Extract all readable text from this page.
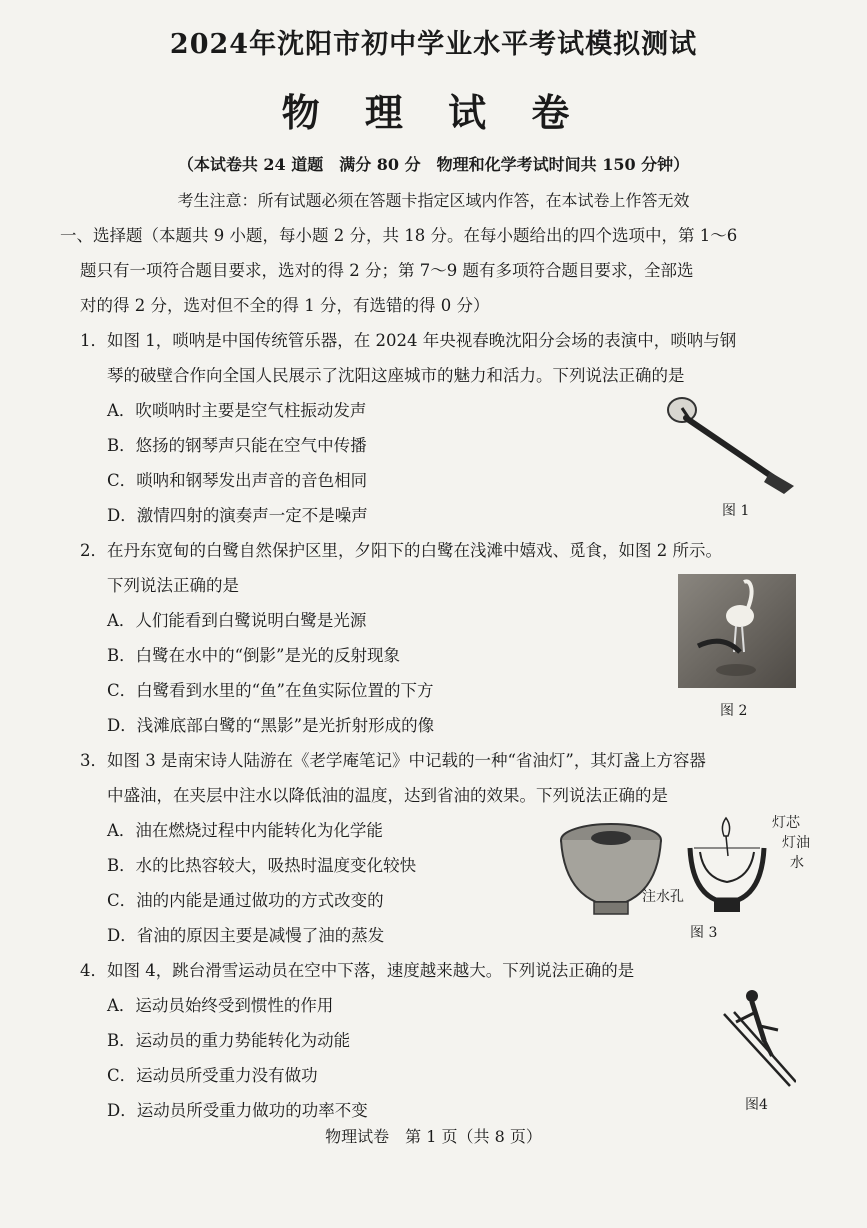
2024年沈阳市初中学业水平考试模拟测试
物 理 试 卷
（本试卷共 24 道题　满分 80 分　物理和化学考试时间共 150 分钟）
考生注意：所有试题必须在答题卡指定区域内作答，在本试卷上作答无效
一、选择题（本题共 9 小题，每小题 2 分，共 18 分。在每小题给出的四个选项中，第 1～6
题只有一项符合题目要求，选对的得 2 分；第 7～9 题有多项符合题目要求，全部选
对的得 2 分，选对但不全的得 1 分，有选错的得 0 分）
1．如图 1，唢呐是中国传统管乐器，在 2024 年央视春晚沈阳分会场的表演中，唢呐与钢
琴的破壁合作向全国人民展示了沈阳这座城市的魅力和活力。下列说法正确的是
A．吹唢呐时主要是空气柱振动发声
B．悠扬的钢琴声只能在空气中传播
C．唢呐和钢琴发出声音的音色相同
D．激情四射的演奏声一定不是噪声	图 1
2．在丹东宽甸的白鹭自然保护区里，夕阳下的白鹭在浅滩中嬉戏、觅食，如图 2 所示。
下列说法正确的是
A．人们能看到白鹭说明白鹭是光源
B．白鹭在水中的“倒影”是光的反射现象
C．白鹭看到水里的“鱼”在鱼实际位置的下方
D．浅滩底部白鹭的“黑影”是光折射形成的像
图 2
3．如图 3 是南宋诗人陆游在《老学庵笔记》中记载的一种“省油灯”，其灯盏上方容器
中盛油，在夹层中注水以降低油的温度，达到省油的效果。下列说法正确的是
A．油在燃烧过程中内能转化为化学能
B．水的比热容较大，吸热时温度变化较快
C．油的内能是通过做功的方式改变的
D．省油的原因主要是减慢了油的蒸发
灯芯
灯油
水
注水孔
图 3
4．如图 4，跳台滑雪运动员在空中下落，速度越来越大。下列说法正确的是
A．运动员始终受到惯性的作用
B．运动员的重力势能转化为动能
C．运动员所受重力没有做功
D．运动员所受重力做功的功率不变	图4
物理试卷　第 1 页（共 8 页）
